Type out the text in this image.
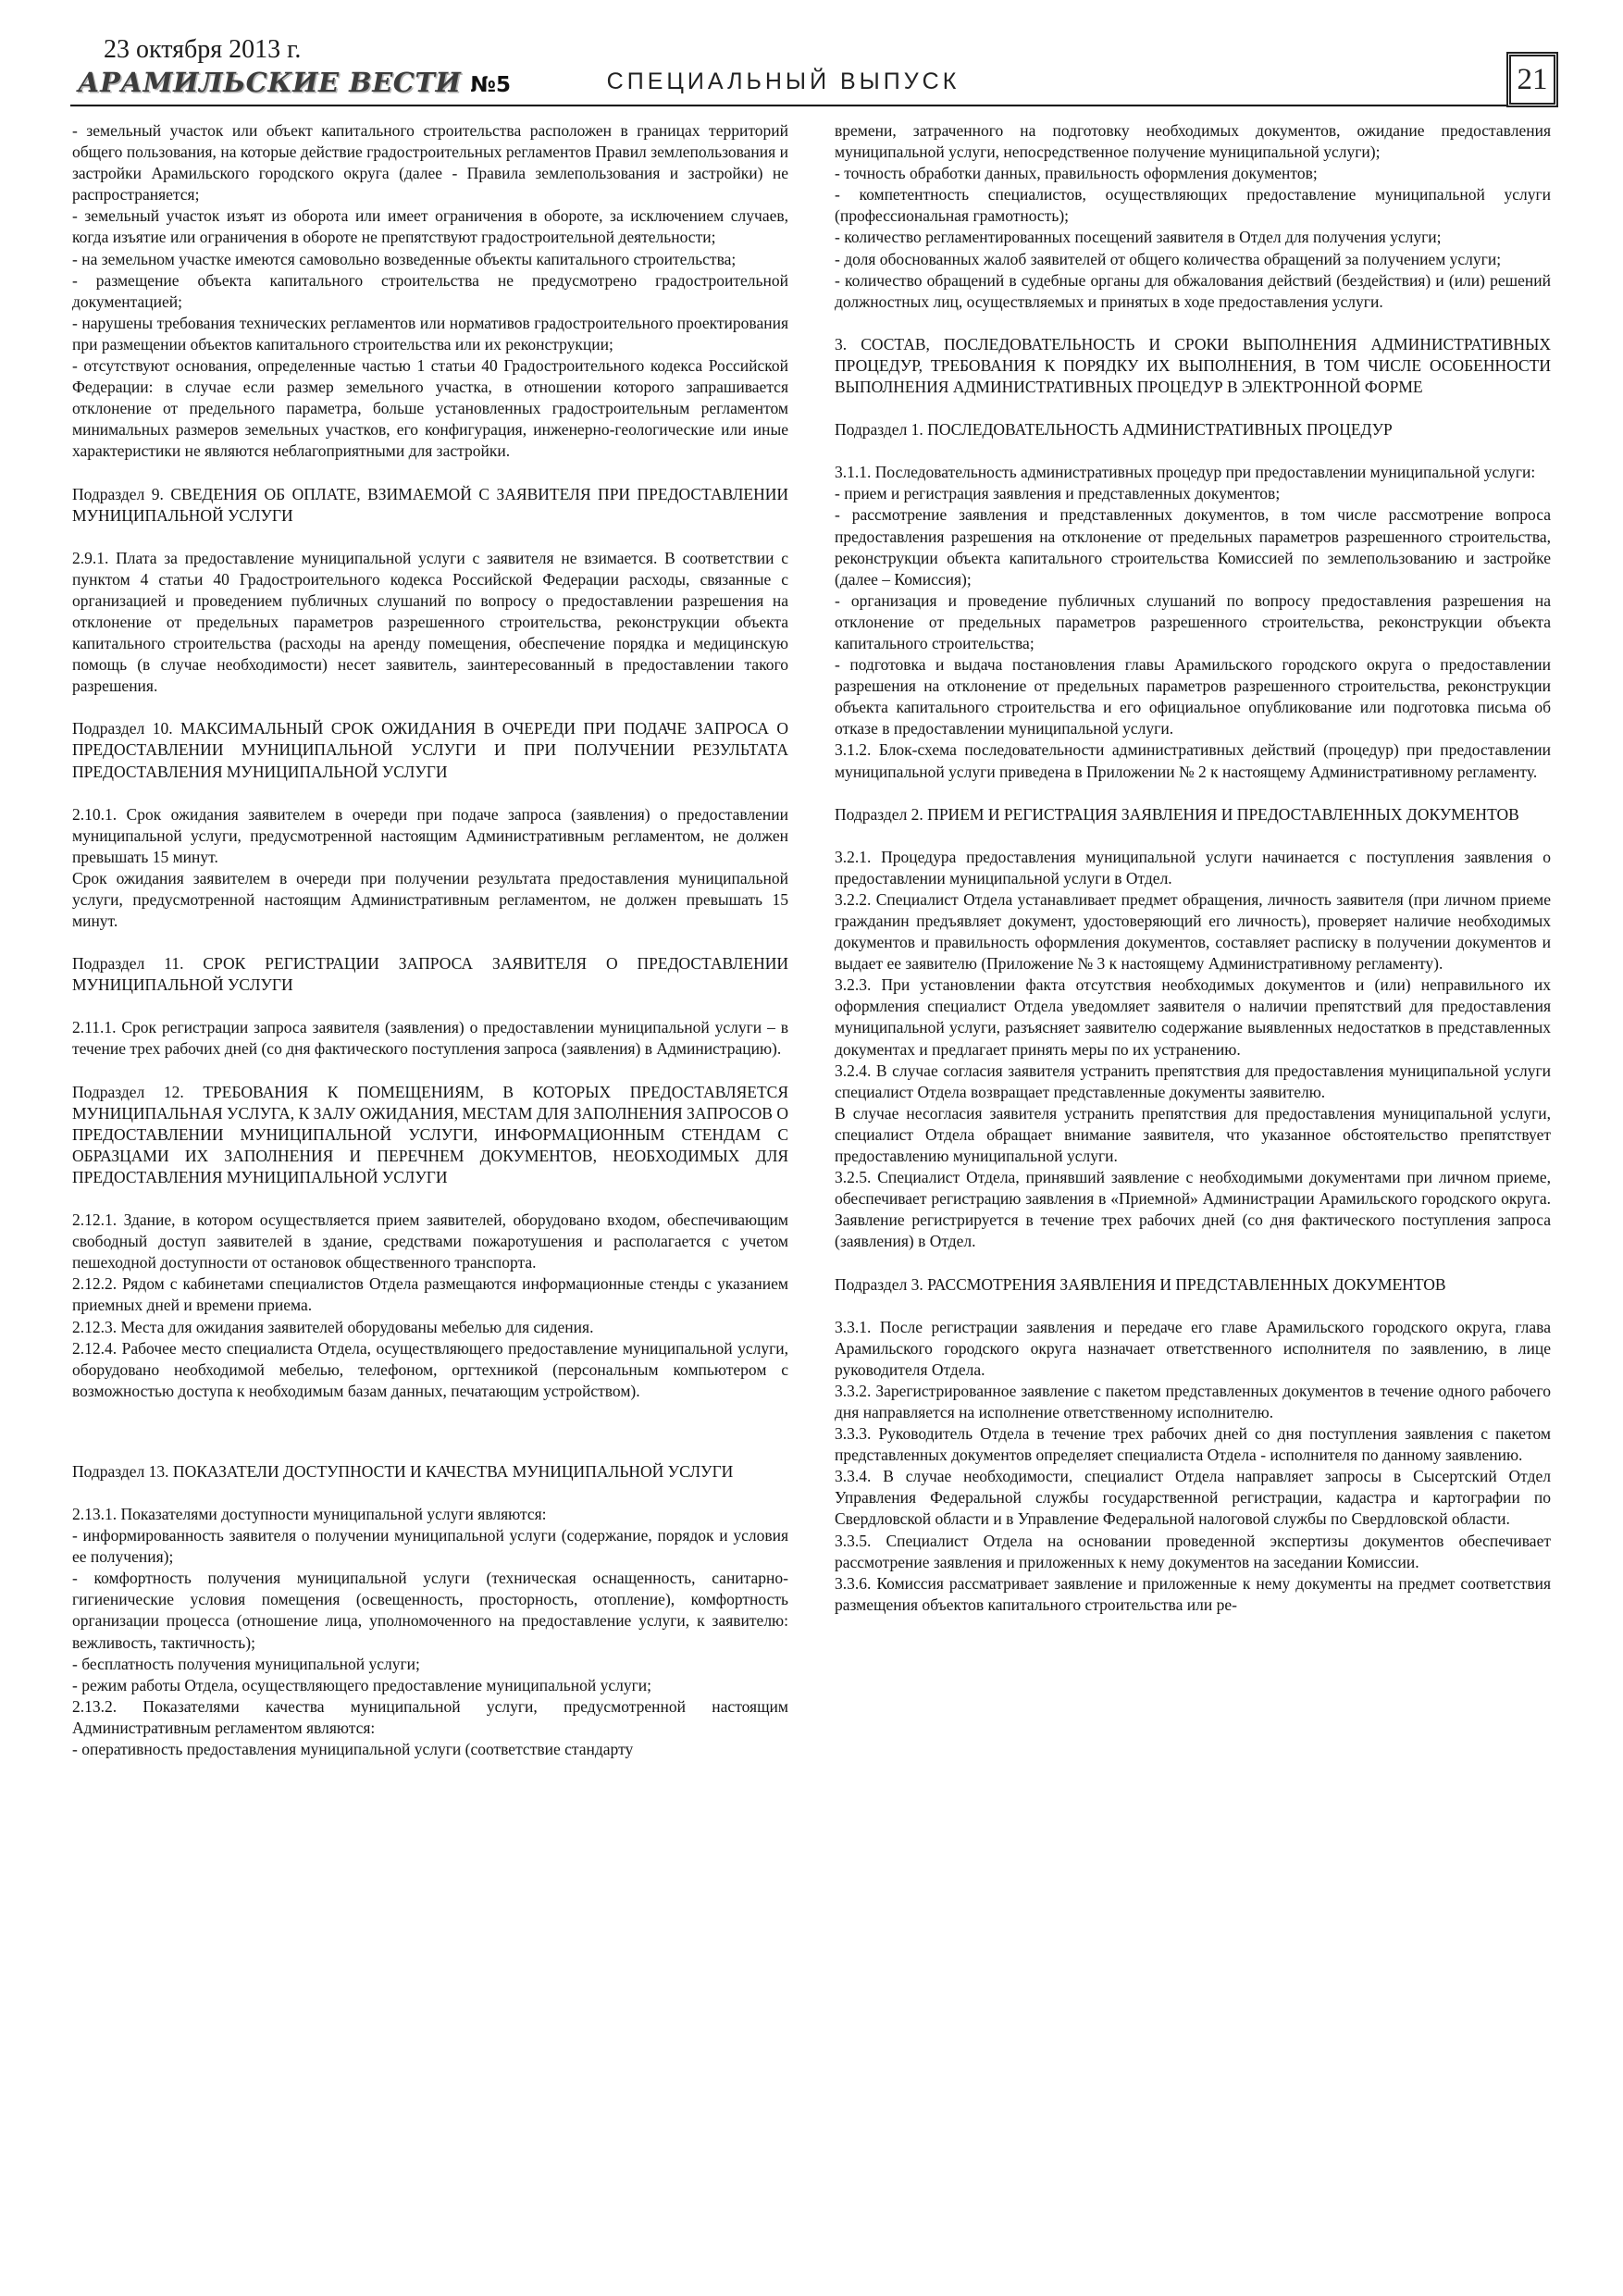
23 октября 2013 г.
АРАМИЛЬСКИЕ ВЕСТИ №5	СПЕЦИАЛЬНЫЙ ВЫПУСК	21

- земельный участок или объект капитального строительства расположен в границах территорий общего пользования, на которые действие градостроительных регламентов Правил землепользования и застройки Арамильского городского округа (далее - Правила землепользования и застройки) не распространяется;

- земельный участок изъят из оборота или имеет ограничения в обороте, за исключением случаев, когда изъятие или ограничения в обороте не препятствуют градостроительной деятельности;

- на земельном участке имеются самовольно возведенные объекты капитального строительства;

- размещение объекта капитального строительства не предусмотрено градостроительной документацией;

- нарушены требования технических регламентов или нормативов градостроительного проектирования при размещении объектов капитального строительства или их реконструкции;

- отсутствуют основания, определенные частью 1 статьи 40 Градостроительного кодекса Российской Федерации: в случае если размер земельного участка, в отношении которого запрашивается отклонение от предельного параметра, больше установленных градостроительным регламентом минимальных размеров земельных участков, его конфигурация, инженерно-геологические или иные характеристики не являются неблагоприятными для застройки.

Подраздел 9. СВЕДЕНИЯ ОБ ОПЛАТЕ, ВЗИМАЕМОЙ С ЗАЯВИТЕЛЯ ПРИ ПРЕДОСТАВЛЕНИИ МУНИЦИПАЛЬНОЙ УСЛУГИ

2.9.1. Плата за предоставление муниципальной услуги с заявителя не взимается. В соответствии с пунктом 4 статьи 40 Градостроительного кодекса Российской Федерации расходы, связанные с организацией и проведением публичных слушаний по вопросу о предоставлении разрешения на отклонение от предельных параметров разрешенного строительства, реконструкции объекта капитального строительства (расходы на аренду помещения, обеспечение порядка и медицинскую помощь (в случае необходимости) несет заявитель, заинтересованный в предоставлении такого разрешения.

Подраздел 10. МАКСИМАЛЬНЫЙ СРОК ОЖИДАНИЯ В ОЧЕРЕДИ ПРИ ПОДАЧЕ ЗАПРОСА О ПРЕДОСТАВЛЕНИИ МУНИЦИПАЛЬНОЙ УСЛУГИ И ПРИ ПОЛУЧЕНИИ РЕЗУЛЬТАТА ПРЕДОСТАВЛЕНИЯ МУНИЦИПАЛЬНОЙ УСЛУГИ

2.10.1. Срок ожидания заявителем в очереди при подаче запроса (заявления) о предоставлении муниципальной услуги, предусмотренной настоящим Административным регламентом, не должен превышать 15 минут.

Срок ожидания заявителем в очереди при получении результата предоставления муниципальной услуги, предусмотренной настоящим Административным регламентом, не должен превышать 15 минут.

Подраздел 11. СРОК РЕГИСТРАЦИИ ЗАПРОСА ЗАЯВИТЕЛЯ О ПРЕДОСТАВЛЕНИИ МУНИЦИПАЛЬНОЙ УСЛУГИ

2.11.1. Срок регистрации запроса заявителя (заявления) о предоставлении муниципальной услуги – в течение трех рабочих дней (со дня фактического поступления запроса (заявления) в Администрацию).

Подраздел 12. ТРЕБОВАНИЯ К ПОМЕЩЕНИЯМ, В КОТОРЫХ ПРЕДОСТАВЛЯЕТСЯ МУНИЦИПАЛЬНАЯ УСЛУГА, К ЗАЛУ ОЖИДАНИЯ, МЕСТАМ ДЛЯ ЗАПОЛНЕНИЯ ЗАПРОСОВ О ПРЕДОСТАВЛЕНИИ МУНИЦИПАЛЬНОЙ УСЛУГИ, ИНФОРМАЦИОННЫМ СТЕНДАМ С ОБРАЗЦАМИ ИХ ЗАПОЛНЕНИЯ И ПЕРЕЧНЕМ ДОКУМЕНТОВ, НЕОБХОДИМЫХ ДЛЯ ПРЕДОСТАВЛЕНИЯ МУНИЦИПАЛЬНОЙ УСЛУГИ

2.12.1. Здание, в котором осуществляется прием заявителей, оборудовано входом, обеспечивающим свободный доступ заявителей в здание, средствами пожаротушения и располагается с учетом пешеходной доступности от остановок общественного транспорта.

2.12.2. Рядом с кабинетами специалистов Отдела размещаются информационные стенды с указанием приемных дней и времени приема.

2.12.3. Места для ожидания заявителей оборудованы мебелью для сидения.

2.12.4. Рабочее место специалиста Отдела, осуществляющего предоставление муниципальной услуги, оборудовано необходимой мебелью, телефоном, оргтехникой (персональным компьютером с возможностью доступа к необходимым базам данных, печатающим устройством).

Подраздел 13. ПОКАЗАТЕЛИ ДОСТУПНОСТИ И КАЧЕСТВА МУНИЦИПАЛЬНОЙ УСЛУГИ

2.13.1. Показателями доступности муниципальной услуги являются:

- информированность заявителя о получении муниципальной услуги (содержание, порядок и условия ее получения);

- комфортность получения муниципальной услуги (техническая оснащенность, санитарно-гигиенические условия помещения (освещенность, просторность, отопление), комфортность организации процесса (отношение лица, уполномоченного на предоставление услуги, к заявителю: вежливость, тактичность);

- бесплатность получения муниципальной услуги;

- режим работы Отдела, осуществляющего предоставление муниципальной услуги;

2.13.2. Показателями качества муниципальной услуги, предусмотренной настоящим Административным регламентом являются:

- оперативность предоставления муниципальной услуги (соответствие стандарту

времени, затраченного на подготовку необходимых документов, ожидание предоставления муниципальной услуги, непосредственное получение муниципальной услуги);

- точность обработки данных, правильность оформления документов;

- компетентность специалистов, осуществляющих предоставление муниципальной услуги (профессиональная грамотность);

- количество регламентированных посещений заявителя в Отдел для получения услуги;

- доля обоснованных жалоб заявителей от общего количества обращений за получением услуги;

- количество обращений в судебные органы для обжалования действий (бездействия) и (или) решений должностных лиц, осуществляемых и принятых в ходе предоставления услуги.

3. СОСТАВ, ПОСЛЕДОВАТЕЛЬНОСТЬ И СРОКИ ВЫПОЛНЕНИЯ АДМИНИСТРАТИВНЫХ ПРОЦЕДУР, ТРЕБОВАНИЯ К ПОРЯДКУ ИХ ВЫПОЛНЕНИЯ, В ТОМ ЧИСЛЕ ОСОБЕННОСТИ ВЫПОЛНЕНИЯ АДМИНИСТРАТИВНЫХ ПРОЦЕДУР В ЭЛЕКТРОННОЙ ФОРМЕ

Подраздел 1. ПОСЛЕДОВАТЕЛЬНОСТЬ АДМИНИСТРАТИВНЫХ ПРОЦЕДУР

3.1.1. Последовательность административных процедур при предоставлении муниципальной услуги:

- прием и регистрация заявления и представленных документов;

- рассмотрение заявления и представленных документов, в том числе рассмотрение вопроса предоставления разрешения на отклонение от предельных параметров разрешенного строительства, реконструкции объекта капитального строительства Комиссией по землепользованию и застройке (далее – Комиссия);

- организация и проведение публичных слушаний по вопросу предоставления разрешения на отклонение от предельных параметров разрешенного строительства, реконструкции объекта капитального строительства;

- подготовка и выдача постановления главы Арамильского городского округа о предоставлении разрешения на отклонение от предельных параметров разрешенного строительства, реконструкции объекта капитального строительства и его официальное опубликование или подготовка письма об отказе в предоставлении муниципальной услуги.

3.1.2. Блок-схема последовательности административных действий (процедур) при предоставлении муниципальной услуги приведена в Приложении № 2 к настоящему Административному регламенту.

Подраздел 2. ПРИЕМ И РЕГИСТРАЦИЯ ЗАЯВЛЕНИЯ И ПРЕДОСТАВЛЕННЫХ ДОКУМЕНТОВ

3.2.1. Процедура предоставления муниципальной услуги начинается с поступления заявления о предоставлении муниципальной услуги в Отдел.

3.2.2. Специалист Отдела устанавливает предмет обращения, личность заявителя (при личном приеме гражданин предъявляет документ, удостоверяющий его личность), проверяет наличие необходимых документов и правильность оформления документов, составляет расписку в получении документов и выдает ее заявителю (Приложение № 3 к настоящему Административному регламенту).

3.2.3. При установлении факта отсутствия необходимых документов и (или) неправильного их оформления специалист Отдела уведомляет заявителя о наличии препятствий для предоставления муниципальной услуги, разъясняет заявителю содержание выявленных недостатков в представленных документах и предлагает принять меры по их устранению.

3.2.4. В случае согласия заявителя устранить препятствия для предоставления муниципальной услуги специалист Отдела возвращает представленные документы заявителю.

В случае несогласия заявителя устранить препятствия для предоставления муниципальной услуги, специалист Отдела обращает внимание заявителя, что указанное обстоятельство препятствует предоставлению муниципальной услуги.

3.2.5. Специалист Отдела, принявший заявление с необходимыми документами при личном приеме, обеспечивает регистрацию заявления в «Приемной» Администрации Арамильского городского округа. Заявление регистрируется в течение трех рабочих дней (со дня фактического поступления запроса (заявления) в Отдел.

Подраздел 3. РАССМОТРЕНИЯ ЗАЯВЛЕНИЯ И ПРЕДСТАВЛЕННЫХ ДОКУМЕНТОВ

3.3.1. После регистрации заявления и передаче его главе Арамильского городского округа, глава Арамильского городского округа назначает ответственного исполнителя по заявлению, в лице руководителя Отдела.

3.3.2. Зарегистрированное заявление с пакетом представленных документов в течение одного рабочего дня направляется на исполнение ответственному исполнителю.

3.3.3. Руководитель Отдела в течение трех рабочих дней со дня поступления заявления с пакетом представленных документов определяет специалиста Отдела - исполнителя по данному заявлению.

3.3.4. В случае необходимости, специалист Отдела направляет запросы в Сысертский Отдел Управления Федеральной службы государственной регистрации, кадастра и картографии по Свердловской области и в Управление Федеральной налоговой службы по Свердловской области.

3.3.5. Специалист Отдела на основании проведенной экспертизы документов обеспечивает рассмотрение заявления и приложенных к нему документов на заседании Комиссии.

3.3.6. Комиссия рассматривает заявление и приложенные к нему документы на предмет соответствия размещения объектов капитального строительства или ре-
